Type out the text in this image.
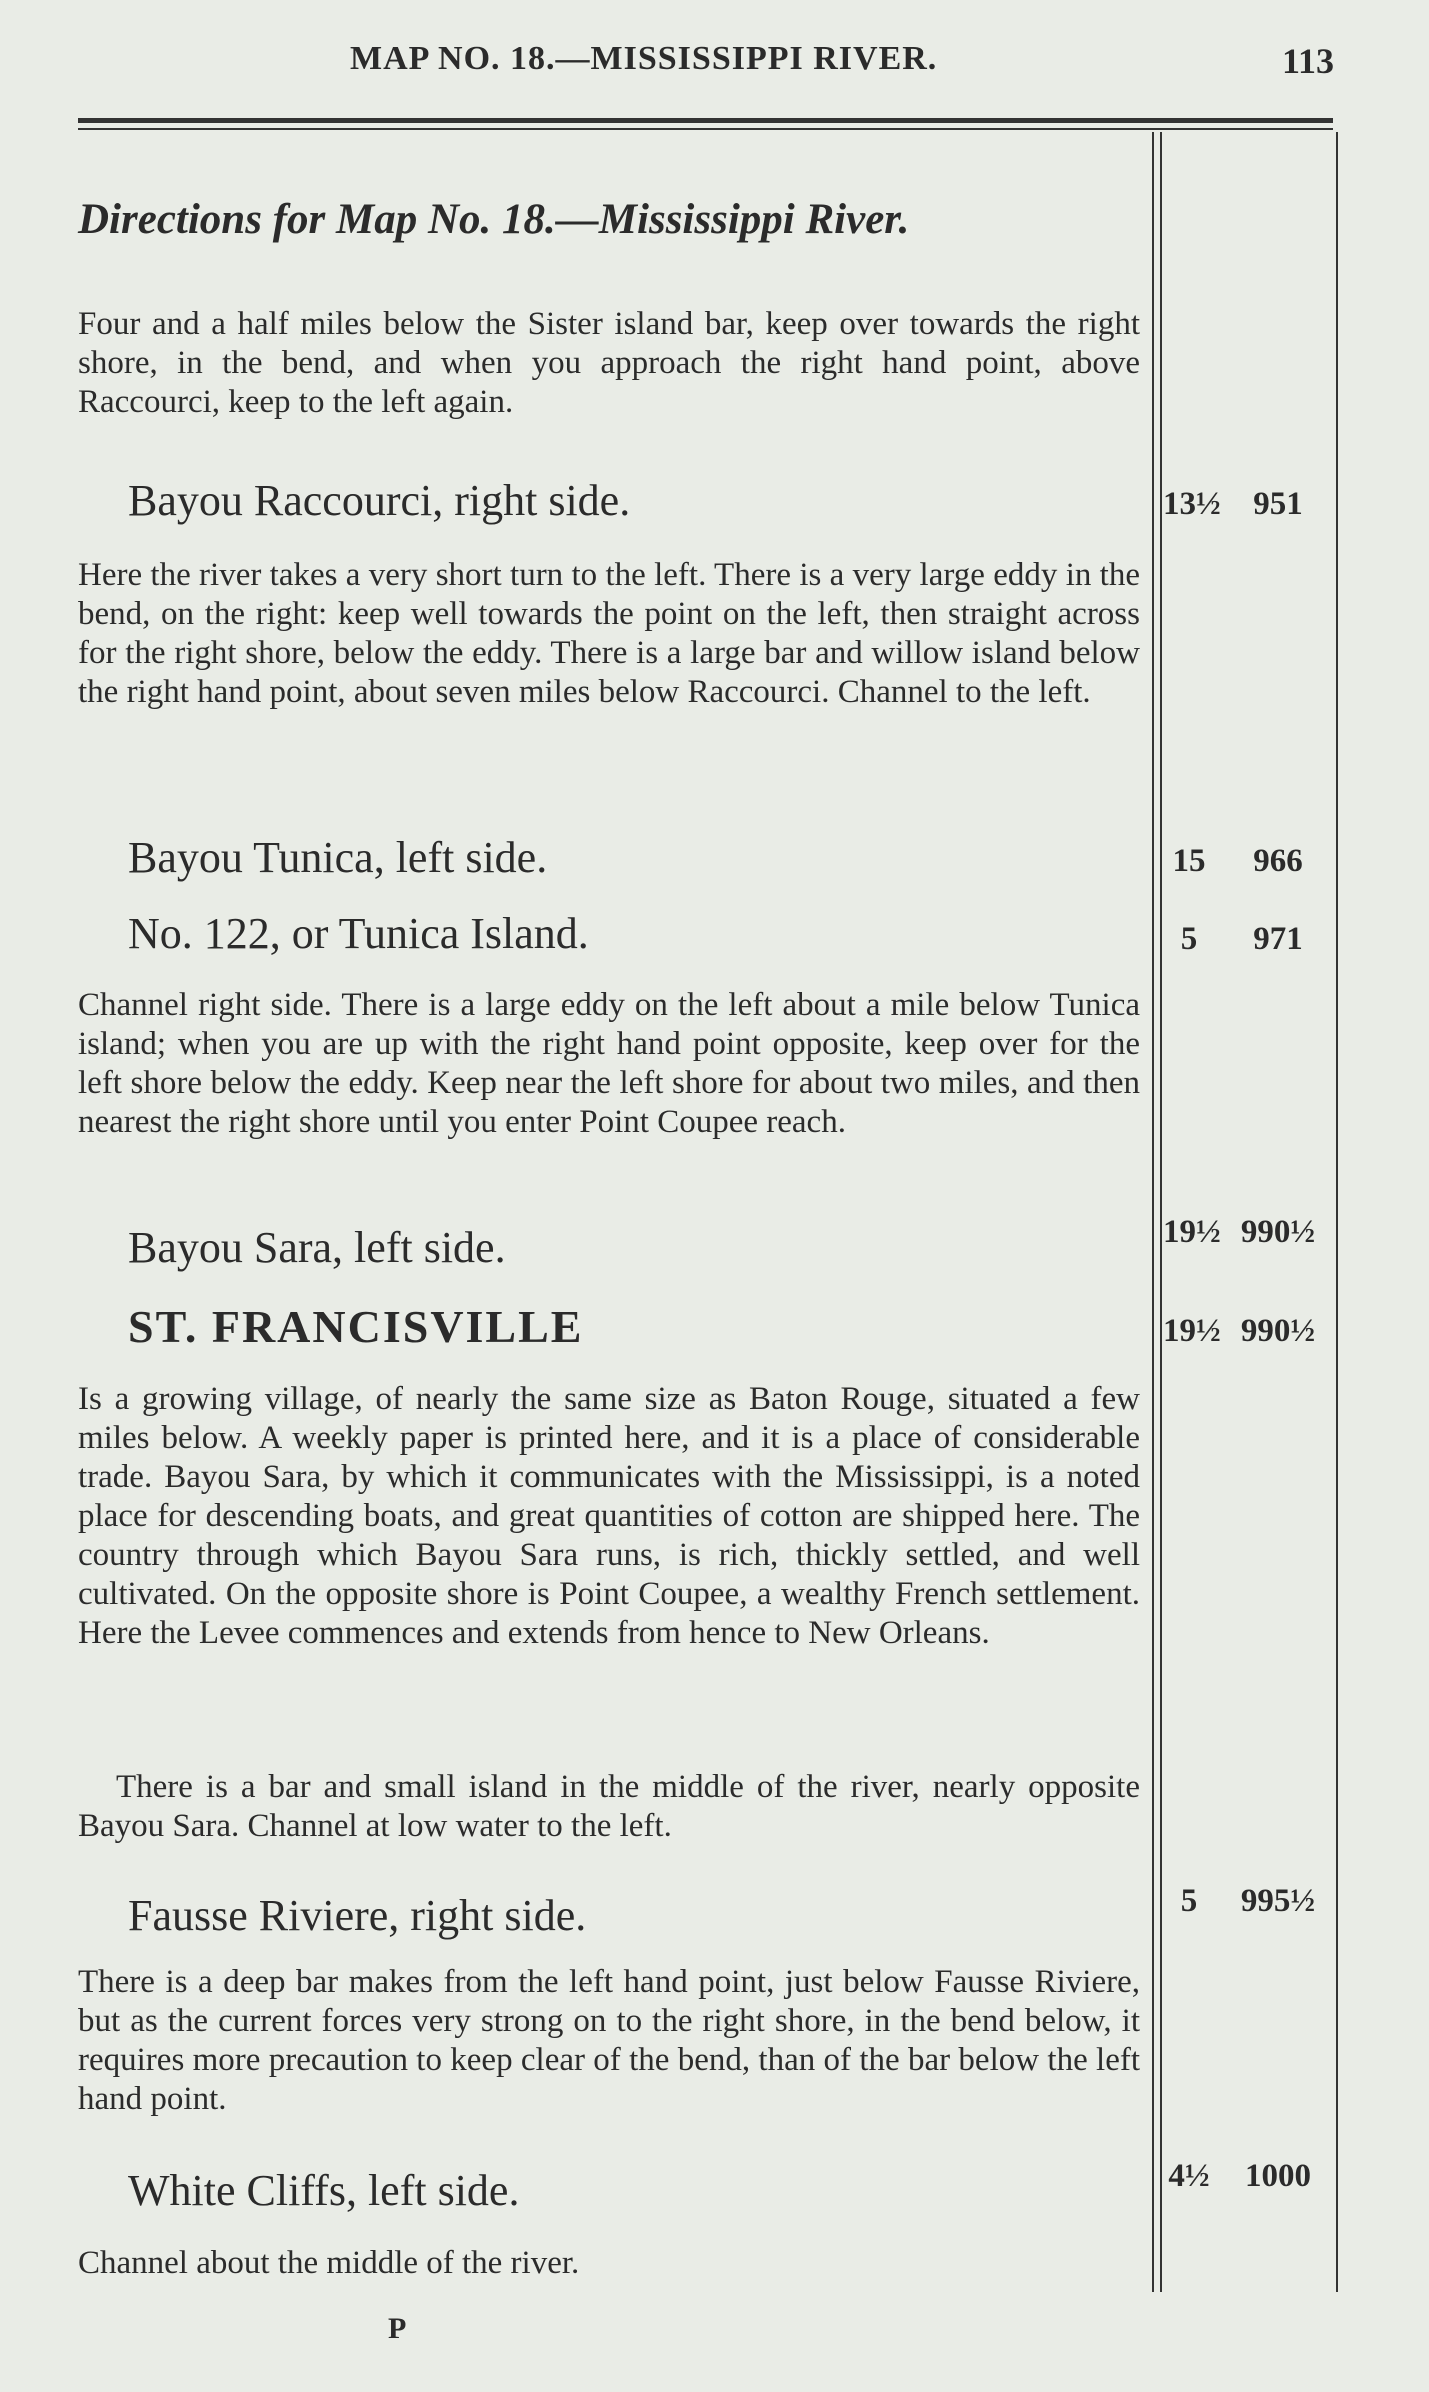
MAP NO. 18.—MISSISSIPPI RIVER.	113
Directions for Map No. 18.—Mississippi River.
Four and a half miles below the Sister island bar, keep over towards the right shore, in the bend, and when you approach the right hand point, above Raccourci, keep to the left again.
Bayou Raccourci, right side.	13½ 951
Here the river takes a very short turn to the left. There is a very large eddy in the bend, on the right: keep well towards the point on the left, then straight across for the right shore, below the eddy. There is a large bar and willow island below the right hand point, about seven miles below Raccourci. Channel to the left.
Bayou Tunica, left side.	15	966
No. 122, or Tunica Island.	5	971
Channel right side. There is a large eddy on the left about a mile below Tunica island; when you are up with the right hand point opposite, keep over for the left shore below the eddy. Keep near the left shore for about two miles, and then nearest the right shore until you enter Point Coupee reach.
Bayou Sara, left side.	19½ 990½
ST. FRANCISVILLE	19½ 990½
Is a growing village, of nearly the same size as Baton Rouge, situated a few miles below. A weekly paper is printed here, and it is a place of considerable trade. Bayou Sara, by which it communicates with the Mississippi, is a noted place for descending boats, and great quantities of cotton are shipped here. The country through which Bayou Sara runs, is rich, thickly settled, and well cultivated. On the opposite shore is Point Coupee, a wealthy French settlement. Here the Levee commences and extends from hence to New Orleans.
There is a bar and small island in the middle of the river, nearly opposite Bayou Sara. Channel at low water to the left.
Fausse Riviere, right side.	5	995½
There is a deep bar makes from the left hand point, just below Fausse Riviere, but as the current forces very strong on to the right shore, in the bend below, it requires more precaution to keep clear of the bend, than of the bar below the left hand point.
White Cliffs, left side.	4½	1000
Channel about the middle of the river.
P
